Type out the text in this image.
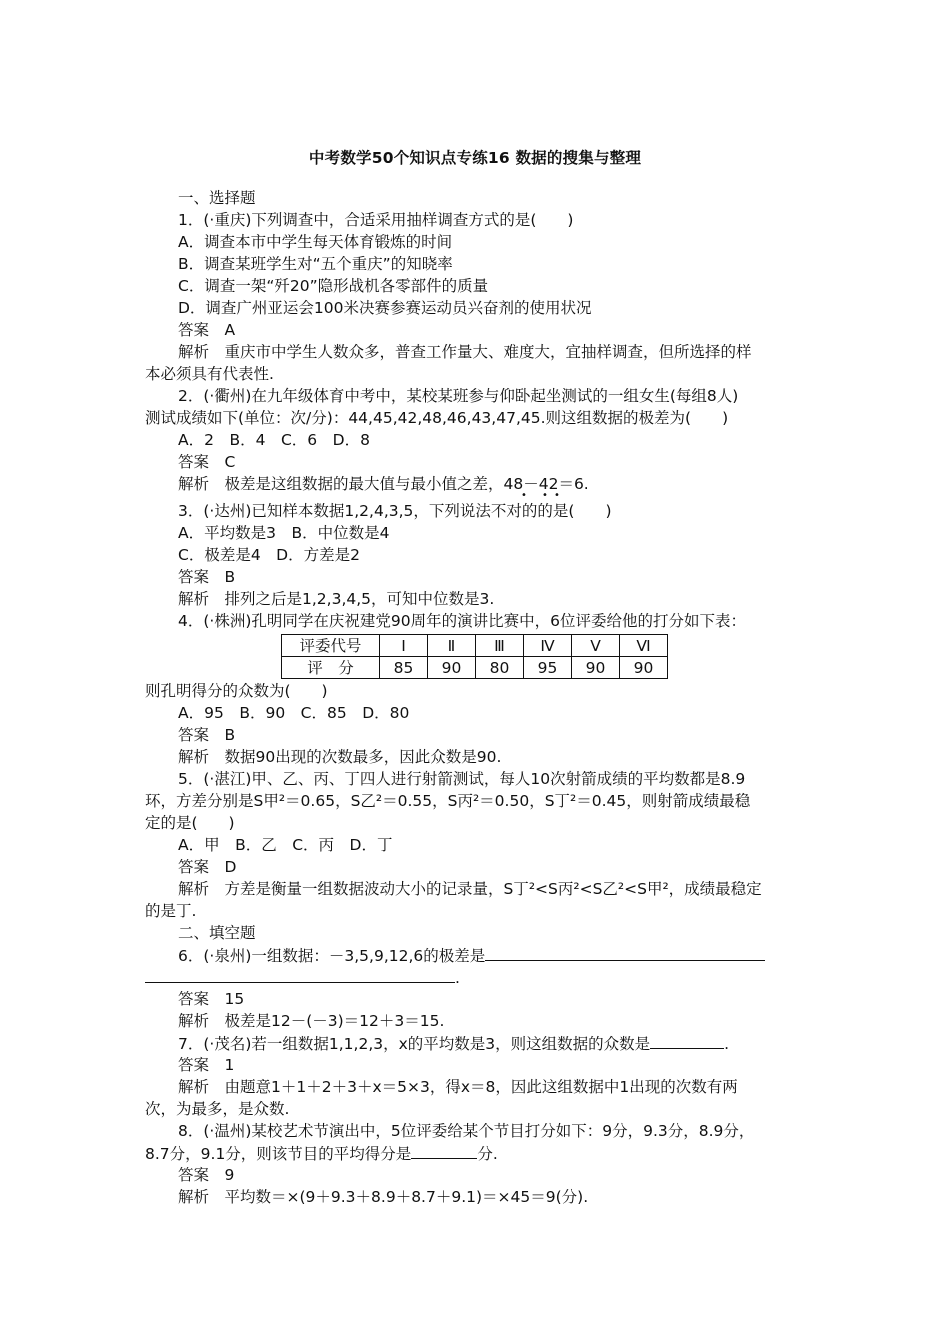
中考数学50个知识点专练16 数据的搜集与整理
一、选择题
1．(·重庆)下列调查中，合适采用抽样调查方式的是(　　)
A．调查本市中学生每天体育锻炼的时间
B．调查某班学生对“五个重庆”的知晓率
C．调查一架“歼20”隐形战机各零部件的质量
D．调查广州亚运会100米决赛参赛运动员兴奋剂的使用状况
答案　A
解析　重庆市中学生人数众多，普查工作量大、难度大，宜抽样调查，但所选择的样
本必须具有代表性.
2．(·衢州)在九年级体育中考中，某校某班参与仰卧起坐测试的一组女生(每组8人)
测试成绩如下(单位：次/分)：44,45,42,48,46,43,47,45.则这组数据的极差为(　　)
A．2　B．4　C．6　D．8
答案　C
解析　极差是这组数据的最大值与最小值之差，48－42＝6.
• • •
3．(·达州)已知样本数据1,2,4,3,5，下列说法不对的的是(　　)
A．平均数是3　B．中位数是4
C．极差是4　D．方差是2
答案　B
解析　排列之后是1,2,3,4,5，可知中位数是3.
4．(·株洲)孔明同学在庆祝建党90周年的演讲比赛中，6位评委给他的打分如下表：
评委代号	Ⅰ	Ⅱ	Ⅲ	Ⅳ	Ⅴ	Ⅵ
评　分	85	90	80	95	90	90
则孔明得分的众数为(　　)
A．95　B．90　C．85　D．80
答案　B
解析　数据90出现的次数最多，因此众数是90.
5．(·湛江)甲、乙、丙、丁四人进行射箭测试，每人10次射箭成绩的平均数都是8.9
环，方差分别是S甲²＝0.65，S乙²＝0.55，S丙²＝0.50，S丁²＝0.45，则射箭成绩最稳
定的是(　　)
A．甲　B．乙　C．丙　D．丁
答案　D
解析　方差是衡量一组数据波动大小的记录量，S丁²<S丙²<S乙²<S甲²，成绩最稳定
的是丁.
二、填空题
6．(·泉州)一组数据：－3,5,9,12,6的极差是
.
答案　15
解析　极差是12－(－3)＝12＋3＝15.
7．(·茂名)若一组数据1,1,2,3，x的平均数是3，则这组数据的众数是	.
答案　1
解析　由题意1＋1＋2＋3＋x＝5×3，得x＝8，因此这组数据中1出现的次数有两
次，为最多，是众数.
8．(·温州)某校艺术节演出中，5位评委给某个节目打分如下：9分，9.3分，8.9分，
8.7分，9.1分，则该节目的平均得分是	分.
答案　9
解析　平均数＝×(9＋9.3＋8.9＋8.7＋9.1)＝×45＝9(分).
